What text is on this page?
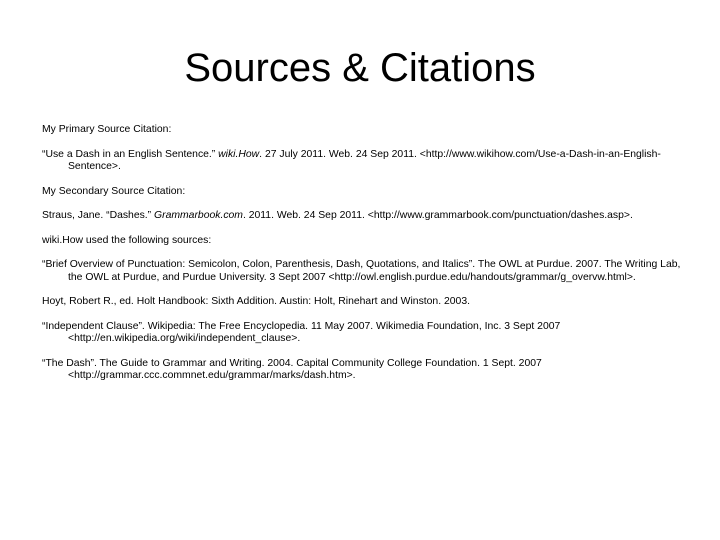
Sources & Citations
My Primary Source Citation:
“Use a Dash in an English Sentence.” wiki.How. 27 July 2011. Web. 24 Sep 2011. <http://www.wikihow.com/Use-a-Dash-in-an-English-Sentence>.
My Secondary Source Citation:
Straus, Jane. “Dashes.” Grammarbook.com. 2011. Web. 24 Sep 2011. <http://www.grammarbook.com/punctuation/dashes.asp>.
wiki.How used the following sources:
“Brief Overview of Punctuation: Semicolon, Colon, Parenthesis, Dash, Quotations, and Italics”. The OWL at Purdue. 2007. The Writing Lab, the OWL at Purdue, and Purdue University. 3 Sept 2007 <http://owl.english.purdue.edu/handouts/grammar/g_overvw.html>.
Hoyt, Robert R., ed. Holt Handbook: Sixth Addition. Austin: Holt, Rinehart and Winston. 2003.
“Independent Clause”. Wikipedia: The Free Encyclopedia. 11 May 2007. Wikimedia Foundation, Inc. 3 Sept 2007 <http://en.wikipedia.org/wiki/independent_clause>.
“The Dash”. The Guide to Grammar and Writing. 2004. Capital Community College Foundation. 1 Sept. 2007 <http://grammar.ccc.commnet.edu/grammar/marks/dash.htm>.
